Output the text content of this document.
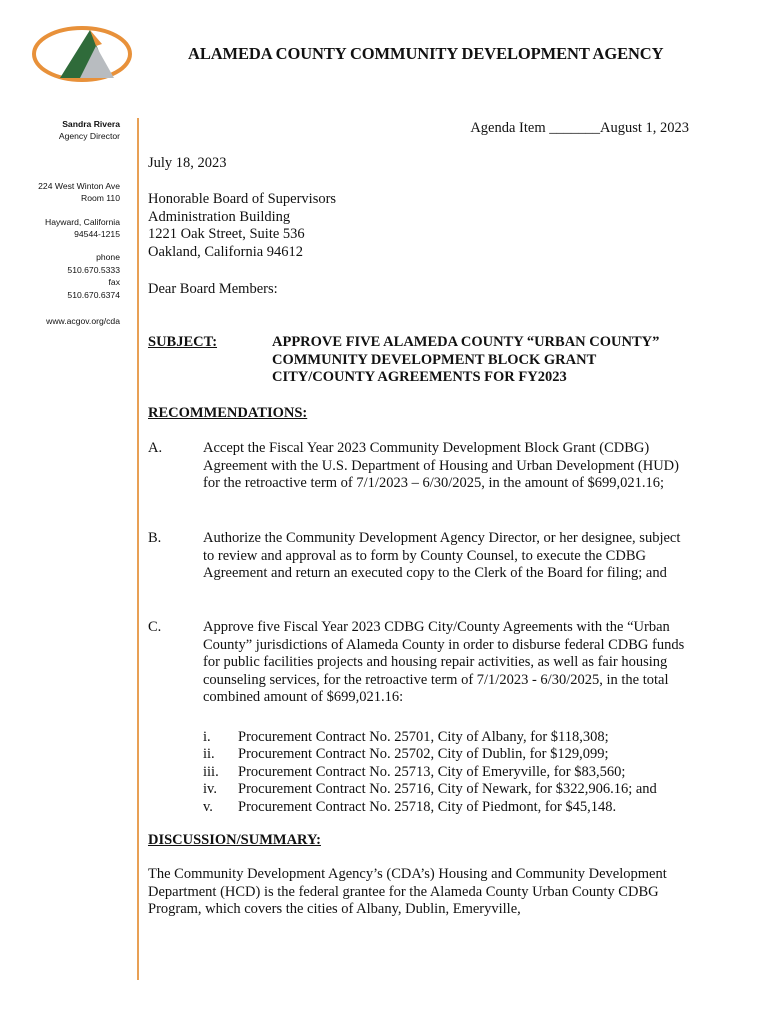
ALAMEDA COUNTY COMMUNITY DEVELOPMENT AGENCY
Sandra Rivera
Agency Director
224 West Winton Ave
Room 110
Hayward, California
94544-1215
phone
510.670.5333
fax
510.670.6374
www.acgov.org/cda
Agenda Item _______August 1, 2023
July 18, 2023
Honorable Board of Supervisors
Administration Building
1221 Oak Street, Suite 536
Oakland, California 94612
Dear Board Members:
SUBJECT:	APPROVE FIVE ALAMEDA COUNTY “URBAN COUNTY”
COMMUNITY DEVELOPMENT BLOCK GRANT
CITY/COUNTY AGREEMENTS FOR FY2023
RECOMMENDATIONS:
A.	Accept the Fiscal Year 2023 Community Development Block Grant (CDBG) Agreement with the U.S. Department of Housing and Urban Development (HUD) for the retroactive term of 7/1/2023 – 6/30/2025, in the amount of $699,021.16;
B.	Authorize the Community Development Agency Director, or her designee, subject to review and approval as to form by County Counsel, to execute the CDBG Agreement and return an executed copy to the Clerk of the Board for filing; and
C.	Approve five Fiscal Year 2023 CDBG City/County Agreements with the “Urban County” jurisdictions of Alameda County in order to disburse federal CDBG funds for public facilities projects and housing repair activities, as well as fair housing counseling services, for the retroactive term of 7/1/2023 - 6/30/2025, in the total combined amount of $699,021.16:
i. Procurement Contract No. 25701, City of Albany, for $118,308;
ii. Procurement Contract No. 25702, City of Dublin, for $129,099;
iii. Procurement Contract No. 25713, City of Emeryville, for $83,560;
iv. Procurement Contract No. 25716, City of Newark, for $322,906.16; and
v. Procurement Contract No. 25718, City of Piedmont, for $45,148.
DISCUSSION/SUMMARY:
The Community Development Agency’s (CDA’s) Housing and Community Development Department (HCD) is the federal grantee for the Alameda County Urban County CDBG Program, which covers the cities of Albany, Dublin, Emeryville,
